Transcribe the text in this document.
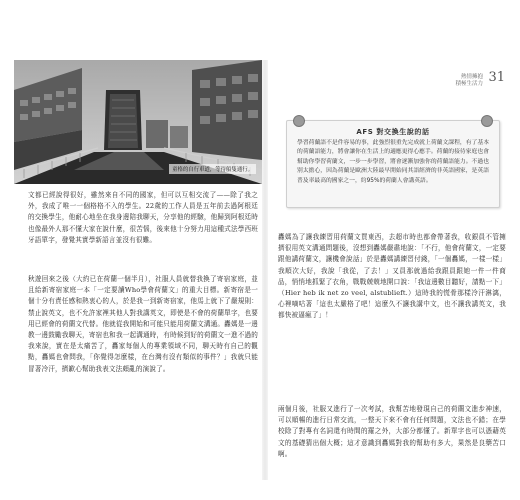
童格的自行車道，等待船隻通行。
文都已經說得很好，雖然來自不同的國家，但可以互相交流了——除了我之外，我成了唯一一個格格不入的學生。22歲的工作人員是五年前去過阿根廷的交換學生，他耐心地坐在我身邊陪我聊天，分享他的經驗，他歸到阿根廷時也像最外人那不懂大家在說什麼，很苦惱，後來他十分努力用這種式法學西班牙語單字，發覺其實學新語言並沒有很難。
秋遊回來之後（大約已在荷蘭一個半月），社服人員就替我換了寄宿家庭，並且給新寄宿家庭一本「一定要讀Who學會荷蘭文」的重大目標。新寄宿是一個十分有責任感和熱衷心的人，於是我一到新寄宿家，他馬上就下了嚴規則：禁止說英文，也不允許家裡其他人對我講英文，即使是不會的荷蘭單字，也要用已經會的荷蘭文代替。他就從我開始和可能只能用荷蘭文溝通。轟媽是一邊教一邊鼓勵我聊天，寄宿也和我一起溝通時，有時候到好的荷蘭文一進不過的我來說，實在是太痛苦了，轟家每個人的專業領域不同，聊天時有自己的觀點，轟媽也會問我，「你覺得怎麼樣，在台灣有沒有類似的事件？」我就只能冒著冷汗，擠歉心幫助我表文法頗亂的演說了。
熱情擁抱
積極生活力 31
AFS 對交換生說的話
學習荷蘭語不是件容易的事，此強烈很重先完成就上荷蘭文課程，有了基本的荷蘭語能力，將會讓你在生活上的適應更得心應手。荷蘭的接待家庭也會幫助你學習荷蘭文，一步一步學習，將會逐漸加強你的荷蘭語能力。不過也別太擔心，因為荷蘭是歐洲大陸最早開始同其語經濟的非英語國家，是英語普及率最高的國家之一，約95%的荷蘭人會講英語。
轟媽為了讓我練習用荷蘭文買東西，去超市時也都會帶著我，收銀員不管擁擠很用英文溝通問題後，沒想到轟媽嚴肅地說：「不行，他會荷蘭文，一定要跟他講荷蘭文，讓機會說話」於是轟媽講練習付錢，「一個轟媽，一樣一樣」我順次大好，我說「我從，了去！」又員那就過給我跟員跟她一件一件商品，悄悄地抓緊了衣角，戰戰兢兢地開口說：「我這邊數目聽好，請點一下」（Hier heb ik net zo veel, alstublieft.）這時我的慌骨那樣冷汗淋漓，心裡嘀咕著「這也太嚴格了吧！這麼久不讓我講中文，也不讓我講英文，我都快被逼瘋了」！
兩個月後，社服又進行了一次考試，我幫苦地發現自己的荷蘭文進步神速，可以順暢的進行日常交流，一整天下來不會有任何問題，文法也不錯；在學校除了對專有名詞還有時間的羅之外，大部分都懂了。新單字也可以憑藉英文的基礎猜出個大概；這才意識到轟媽對我的幫助有多大，果然是良藥苦口啊。
